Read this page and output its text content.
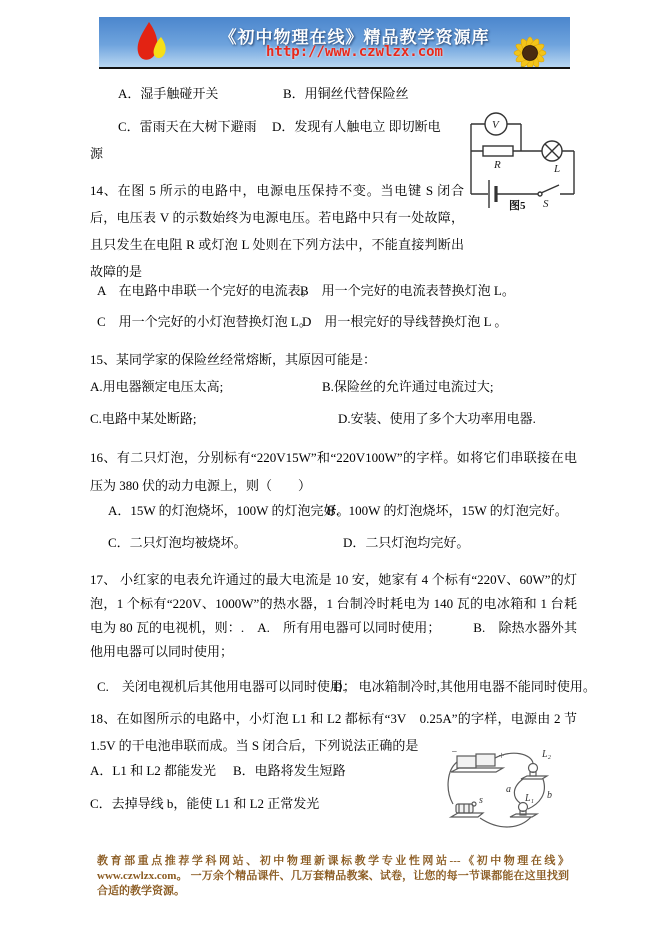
《初中物理在线》精品教学资源库
http://www.czwlzx.com
A．湿手触碰开关	B．用铜丝代替保险丝
C．雷雨天在大树下避雨 D．发现有人触电立 即切断电
源
14、在图 5 所示的电路中，电源电压保持不变。当电键 S 闭合后，电压表 V 的示数始终为电源电压。若电路中只有一处故障，且只发生在电阻 R 或灯泡 L 处则在下列方法中，不能直接判断出故障的是
A　在电路中串联一个完好的电流表。
B　用一个完好的电流表替换灯泡 L。
C　用一个完好的小灯泡替换灯泡 L。
D　用一根完好的导线替换灯泡 L 。
V
R	L
S
图5
15、某同学家的保险丝经常熔断，其原因可能是：
A.用电器额定电压太高;	B.保险丝的允许通过电流过大;
C.电路中某处断路;	D.安装、使用了多个大功率用电器.
16、有二只灯泡，分别标有“220V15W”和“220V100W”的字样。如将它们串联接在电压为 380 伏的动力电源上，则（　　）
A．15W 的灯泡烧坏，100W 的灯泡完好。
B．100W 的灯泡烧坏，15W 的灯泡完好。
C．二只灯泡均被烧坏。	D．二只灯泡均完好。
17、 小红家的电表允许通过的最大电流是 10 安，她家有 4 个标有“220V、60W”的灯泡，1 个标有“220V、1000W”的热水器，1 台制冷时耗电为 140 瓦的电冰箱和 1 台耗电为 80 瓦的电视机，则：.　A.　所有用电器可以同时使用；　　　B.　除热水器外其他用电器可以同时使用；
C.　关闭电视机后其他用电器可以同时使用；
D.　电冰箱制冷时,其他用电器不能同时使用。
18、在如图所示的电路中，小灯泡 L1 和 L2 都标有“3V　0.25A”的字样，电源由 2 节 1.5V 的干电池串联而成。当 S 闭合后，下列说法正确的是
A．L1 和 L2 都能发光 B．电路将发生短路
C．去掉导线 b，能使 L1 和 L2 正常发光
−	+	L₂
L₁
s
a
b
教育部重点推荐学科网站、初中物理新课标教学专业性网站---《初中物理在线》www.czwlzx.com。 一万余个精品课件、几万套精品教案、试卷，让您的每一节课都能在这里找到合适的教学资源。
